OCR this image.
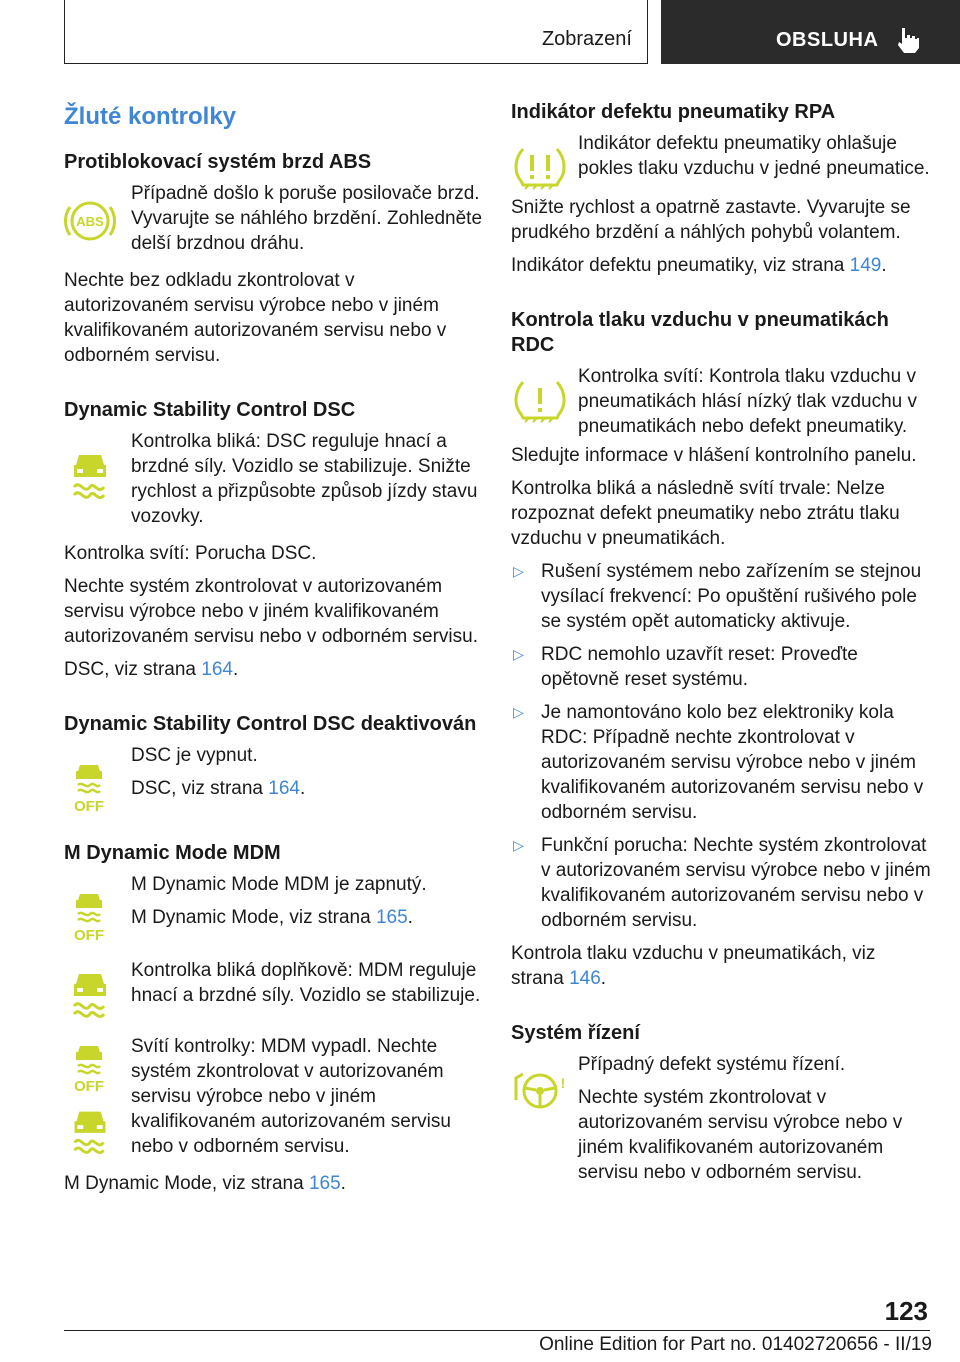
Zobrazení	OBSLUHA
Žluté kontrolky
Protiblokovací systém brzd ABS
ABS

Případně došlo k poruše posilovače brzd. Vyvarujte se náhlého brzdění. Zohledněte delší brzdnou dráhu.

Nechte bez odkladu zkontrolovat v autorizovaném servisu výrobce nebo v jiném kvalifikovaném autorizovaném servisu nebo v odborném servisu.

Dynamic Stability Control DSC

Kontrolka bliká: DSC reguluje hnací a brzdné síly. Vozidlo se stabilizuje. Snižte rychlost a přizpůsobte způsob jízdy stavu vozovky.

Kontrolka svítí: Porucha DSC.

Nechte systém zkontrolovat v autorizovaném servisu výrobce nebo v jiném kvalifikovaném autorizovaném servisu nebo v odborném servisu.

DSC, viz strana 164.

Dynamic Stability Control DSC deaktivován
OFF

DSC je vypnut.

DSC, viz strana 164.

M Dynamic Mode MDM
OFF

M Dynamic Mode MDM je zapnutý.

M Dynamic Mode, viz strana 165.

Kontrolka bliká doplňkově: MDM reguluje hnací a brzdné síly. Vozidlo se stabilizuje.

OFF

Svítí kontrolky: MDM vypadl. Nechte systém zkontrolovat v autorizovaném servisu výrobce nebo v jiném kvalifikovaném autorizovaném servisu nebo v odborném servisu.

M Dynamic Mode, viz strana 165.

Indikátor defektu pneumatiky RPA

Indikátor defektu pneumatiky ohlašuje pokles tlaku vzduchu v jedné pneumatice.

Snižte rychlost a opatrně zastavte. Vyvarujte se prudkého brzdění a náhlých pohybů volantem.

Indikátor defektu pneumatiky, viz strana 149.

Kontrola tlaku vzduchu v pneumatikách RDC

Kontrolka svítí: Kontrola tlaku vzduchu v pneumatikách hlásí nízký tlak vzduchu v pneumatikách nebo defekt pneumatiky.

Sledujte informace v hlášení kontrolního panelu.

Kontrolka bliká a následně svítí trvale: Nelze rozpoznat defekt pneumatiky nebo ztrátu tlaku vzduchu v pneumatikách.

▷ Rušení systémem nebo zařízením se stejnou vysílací frekvencí: Po opuštění rušivého pole se systém opět automaticky aktivuje.
▷ RDC nemohlo uzavřít reset: Proveďte opětovně reset systému.
▷ Je namontováno kolo bez elektroniky kola RDC: Případně nechte zkontrolovat v autorizovaném servisu výrobce nebo v jiném kvalifikovaném autorizovaném servisu nebo v odborném servisu.
▷ Funkční porucha: Nechte systém zkontrolovat v autorizovaném servisu výrobce nebo v jiném kvalifikovaném autorizovaném servisu nebo v odborném servisu.

Kontrola tlaku vzduchu v pneumatikách, viz strana 146.

Systém řízení
!

Případný defekt systému řízení.

Nechte systém zkontrolovat v autorizovaném servisu výrobce nebo v jiném kvalifikovaném autorizovaném servisu nebo v odborném servisu.

123
Online Edition for Part no. 01402720656 - II/19
